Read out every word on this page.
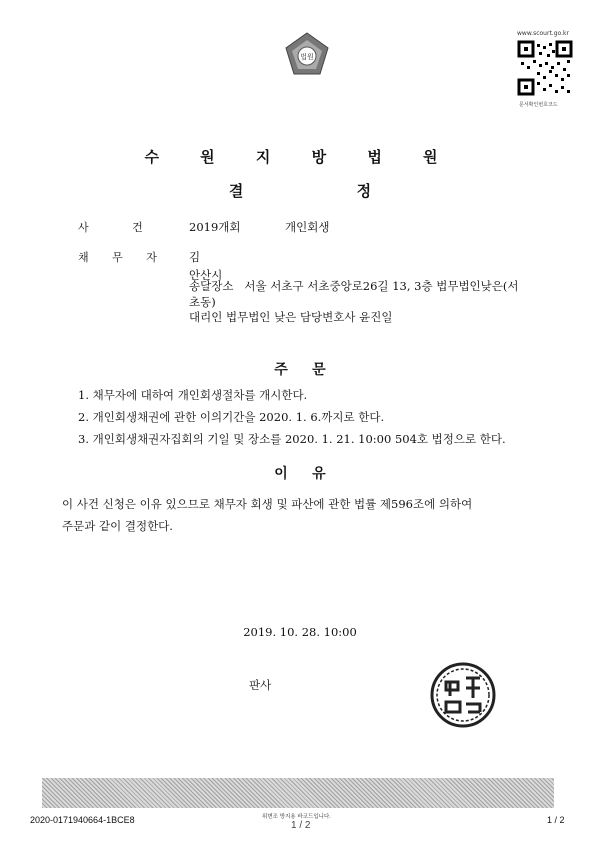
법원
www.scourt.go.kr
문서확인번호코드
수 원 지 방 법 원
결 정
사 건 2019개회	개인회생
채 무 자 김
안산시
송달장소   서울 서초구 서초중앙로26길 13, 3층 법무법인낮은(서
초동)
대리인 법무법인 낮은 담당변호사 윤진일
주     문
1. 채무자에 대하여 개인회생절차를 개시한다.
2. 개인회생채권에 관한 이의기간을 2020. 1. 6.까지로 한다.
3. 개인회생채권자집회의 기일 및 장소를 2020. 1. 21. 10:00 504호 법정으로 한다.
이     유
이 사건 신청은 이유 있으므로 채무자 회생 및 파산에 관한 법률 제596조에 의하여
주문과 같이 결정한다.
2019. 10. 28. 10:00
판사
위변조 방지용 바코드입니다.
2020-0171940664-1BCE8	1 / 2	1 / 2
